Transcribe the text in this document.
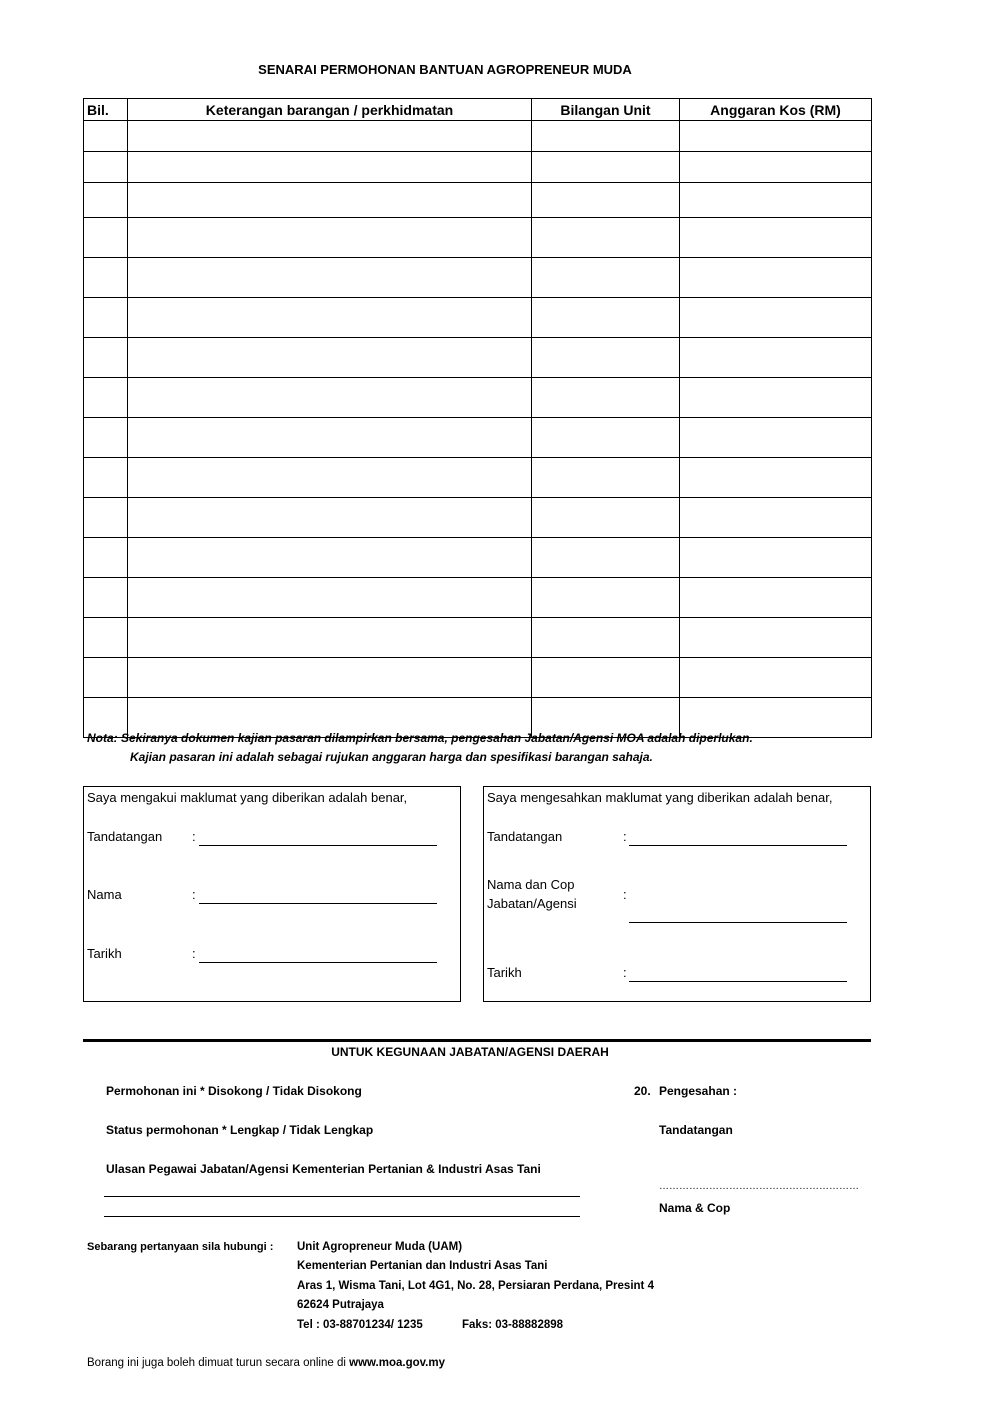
SENARAI PERMOHONAN BANTUAN AGROPRENEUR MUDA
Bil.	Keterangan barangan / perkhidmatan	Bilangan Unit	Anggaran Kos (RM)

Nota: Sekiranya dokumen kajian pasaran dilampirkan bersama, pengesahan Jabatan/Agensi MOA adalah diperlukan.
Kajian pasaran ini adalah sebagai rujukan anggaran harga dan spesifikasi barangan sahaja.
Saya mengakui maklumat yang diberikan adalah benar,
Tandatangan :
Nama	:
Tarikh	:
Saya mengesahkan maklumat yang diberikan adalah benar,
Tandatangan	:
Nama dan Cop
Jabatan/Agensi
:
Tarikh	:
UNTUK KEGUNAAN JABATAN/AGENSI DAERAH
Permohonan ini * Disokong / Tidak Disokong
Status permohonan * Lengkap / Tidak Lengkap
Ulasan Pegawai Jabatan/Agensi Kementerian Pertanian & Industri Asas Tani
20. Pengesahan :
Tandatangan
……………………………………………………
Nama & Cop
Sebarang pertanyaan sila hubungi : Unit Agropreneur Muda (UAM)
Kementerian Pertanian dan Industri Asas Tani
Aras 1, Wisma Tani, Lot 4G1, No. 28, Persiaran Perdana, Presint 4
62624 Putrajaya
Tel : 03-88701234/ 1235	Faks: 03-88882898
Borang ini juga boleh dimuat turun secara online di www.moa.gov.my
